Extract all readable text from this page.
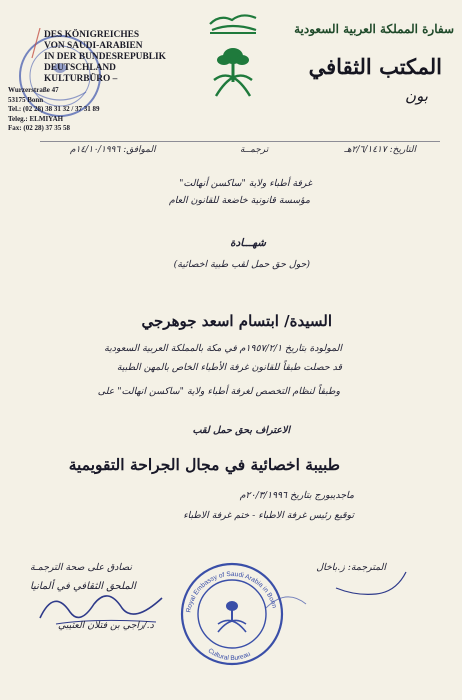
DES KÖNIGREICHES
VON SAUDI-ARABIEN
IN DER BUNDESREPUBLIK
DEUTSCHLAND
KULTURBÜRO –
Wurzerstraße 47
53175 Bonn
Tel.: (02 28) 38 31 32 / 37 31 89
Teleg.: ELMIYAH
Fax: (02 28) 37 35 58
سفارة المملكة العربية السعودية
المكتب الثقافي
بون
التاريخ: ٢/٦/١٤١٧هـ
ترجمــة
الموافق: ١٤/١٠/١٩٩٦م
غرفة أطباء ولاية "ساكسن أنهالت"
مؤسسة قانونية خاضعة للقانون العام
شهـــادة
(حول حق حمل لقب طبية اخصائية)
السيدة/ ابتسام اسعد جوهرجي
المولودة بتاريخ ١٩٥٧/٢/١م في مكة بالمملكة العربية السعودية
قد حصلت طبقاً للقانون غرفة الأطباء الخاص بالمهن الطبية
وطبقاً لنظام التخصص لغرفة أطباء ولاية "ساكسن انهالت" على
الاعتراف بحق حمل لقب
طبيبة اخصائية في مجال الجراحة التقويمية
ماجديبورج بتاريخ ٢٠/٣/١٩٩٦م
توقيع رئيس غرفة الاطباء - ختم غرفة الاطباء
المترجمة: ز.باخال
نصادق على صحة الترجمـة
الملحق الثقافي في ألمانيا
د./راجي بن فتلان العتيبي
Royal Embassy of Saudi Arabia in Bonn
Cultural Bureau
